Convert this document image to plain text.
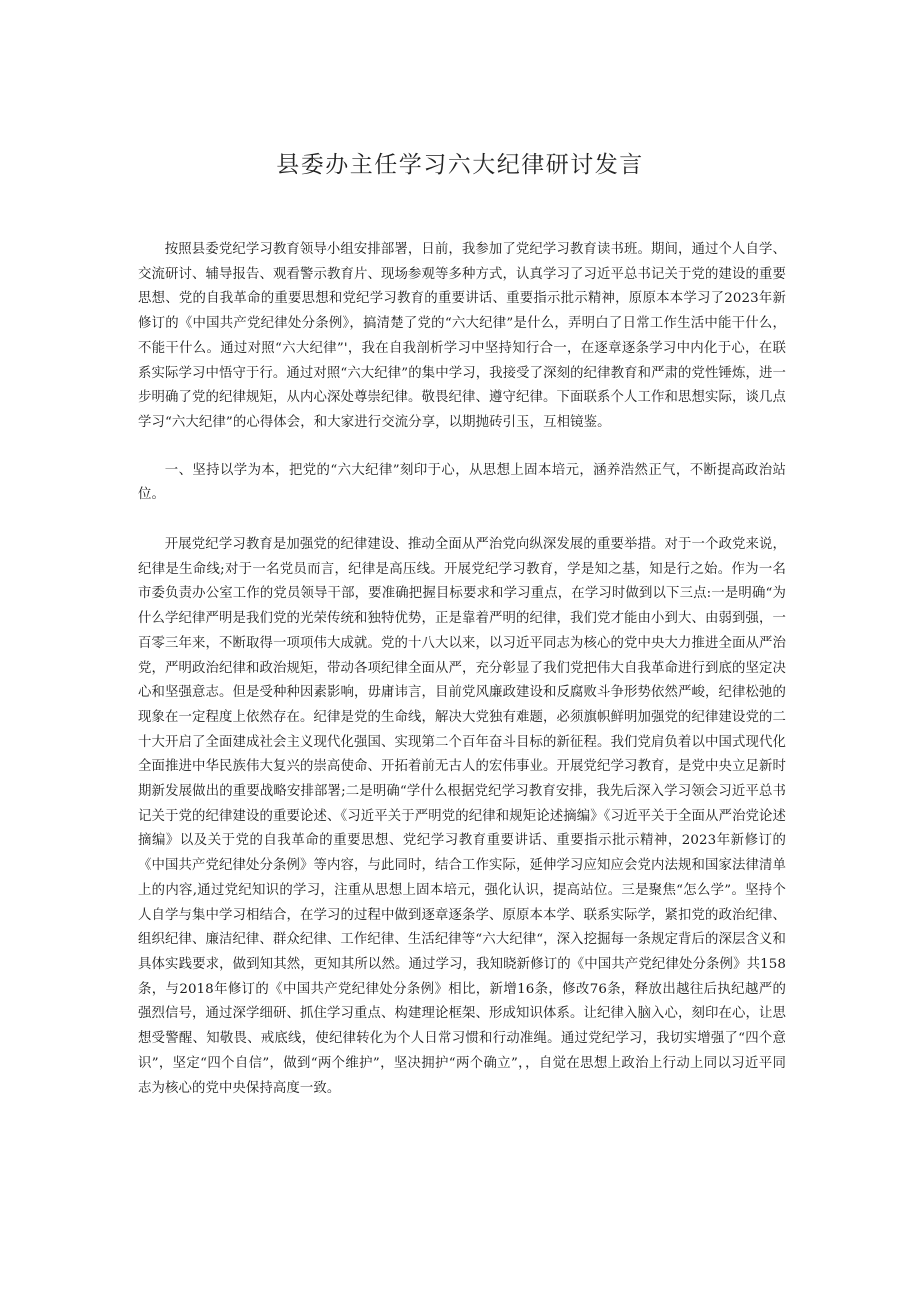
县委办主任学习六大纪律研讨发言

按照县委党纪学习教育领导小组安排部署，日前，我参加了党纪学习教育读书班。期间，通过个人自学、交流研讨、辅导报告、观看警示教育片、现场参观等多种方式，认真学习了习近平总书记关于党的建设的重要思想、党的自我革命的重要思想和党纪学习教育的重要讲话、重要指示批示精神，原原本本学习了2023年新修订的《中国共产党纪律处分条例》，搞清楚了党的“六大纪律”是什么，弄明白了日常工作生活中能干什么，不能干什么。通过对照“六大纪律”'，我在自我剖析学习中坚持知行合一，在逐章逐条学习中内化于心，在联系实际学习中悟守于行。通过对照“六大纪律”的集中学习，我接受了深刻的纪律教育和严肃的党性锤炼，进一步明确了党的纪律规矩，从内心深处尊崇纪律。敬畏纪律、遵守纪律。下面联系个人工作和思想实际，谈几点学习“六大纪律”的心得体会，和大家进行交流分享，以期抛砖引玉，互相镜鉴。

一、坚持以学为本，把党的“六大纪律”刻印于心，从思想上固本培元，涵养浩然正气，不断提高政治站位。

开展党纪学习教育是加强党的纪律建设、推动全面从严治党向纵深发展的重要举措。对于一个政党来说，纪律是生命线;对于一名党员而言，纪律是高压线。开展党纪学习教育，学是知之基，知是行之始。作为一名市委负责办公室工作的党员领导干部，要准确把握目标要求和学习重点，在学习时做到以下三点:一是明确“为什么学纪律严明是我们党的光荣传统和独特优势，正是靠着严明的纪律，我们党才能由小到大、由弱到强，一百零三年来，不断取得一项项伟大成就。党的十八大以来，以习近平同志为核心的党中央大力推进全面从严治党，严明政治纪律和政治规矩，带动各项纪律全面从严，充分彰显了我们党把伟大自我革命进行到底的坚定决心和坚强意志。但是受种种因素影响，毋庸讳言，目前党风廉政建设和反腐败斗争形势依然严峻，纪律松弛的现象在一定程度上依然存在。纪律是党的生命线，解决大党独有难题，必须旗帜鲜明加强党的纪律建设党的二十大开启了全面建成社会主义现代化强国、实现第二个百年奋斗目标的新征程。我们党肩负着以中国式现代化全面推进中华民族伟大复兴的崇高使命、开拓着前无古人的宏伟事业。开展党纪学习教育，是党中央立足新时期新发展做出的重要战略安排部署;二是明确“学什么根据党纪学习教育安排，我先后深入学习领会习近平总书记关于党的纪律建设的重要论述、《习近平关于严明党的纪律和规矩论述摘编》《习近平关于全面从严治党论述摘编》以及关于党的自我革命的重要思想、党纪学习教育重要讲话、重要指示批示精神，2023年新修订的《中国共产党纪律处分条例》等内容，与此同时，结合工作实际，延伸学习应知应会党内法规和国家法律清单上的内容,通过党纪知识的学习，注重从思想上固本培元，强化认识，提高站位。三是聚焦“怎么学”。坚持个人自学与集中学习相结合，在学习的过程中做到逐章逐条学、原原本本学、联系实际学，紧扣党的政治纪律、组织纪律、廉洁纪律、群众纪律、工作纪律、生活纪律等“六大纪律“，深入挖掘每一条规定背后的深层含义和具体实践要求，做到知其然，更知其所以然。通过学习，我知晓新修订的《中国共产党纪律处分条例》共158条，与2018年修订的《中国共产党纪律处分条例》相比，新增16条，修改76条，释放出越往后执纪越严的强烈信号，通过深学细研、抓住学习重点、构建理论框架、形成知识体系。让纪律入脑入心，刻印在心，让思想受警醒、知敬畏、戒底线，使纪律转化为个人日常习惯和行动准绳。通过党纪学习，我切实增强了“四个意识”，坚定“四个自信”，做到“两个维护”，坚决拥护“两个确立”，，自觉在思想上政治上行动上同以习近平同志为核心的党中央保持高度一致。
